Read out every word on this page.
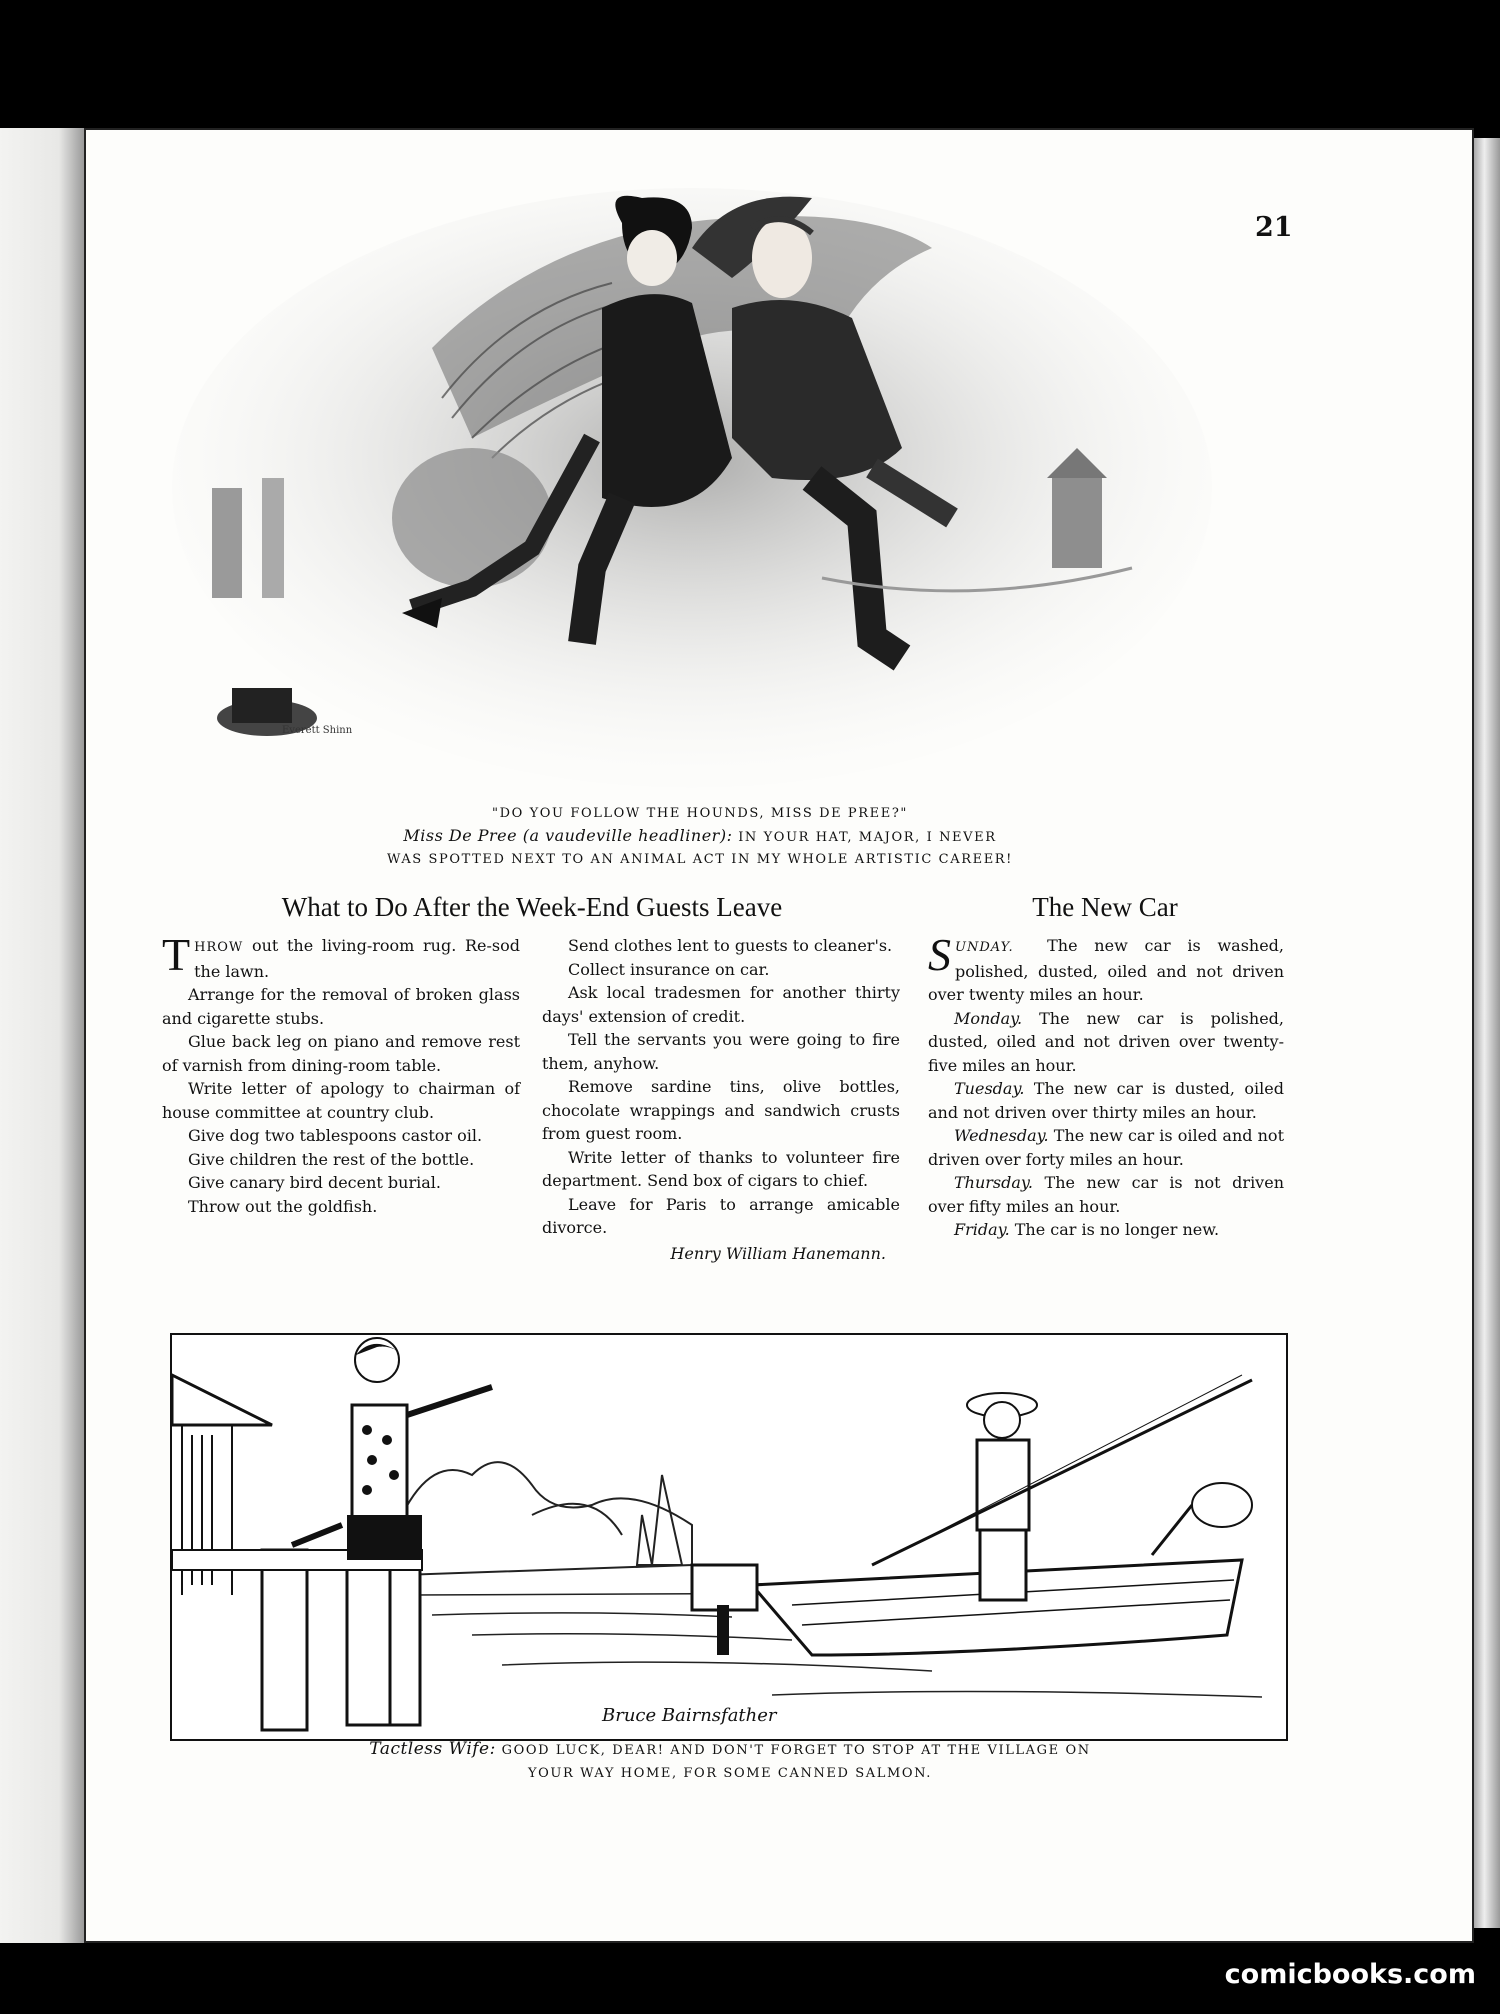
21
Everett Shinn
"DO YOU FOLLOW THE HOUNDS, MISS DE PREE?"
Miss De Pree (a vaudeville headliner): IN YOUR HAT, MAJOR, I NEVER
WAS SPOTTED NEXT TO AN ANIMAL ACT IN MY WHOLE ARTISTIC CAREER!
What to Do After the Week-End Guests Leave

THROW out the living-room rug. Re-sod the lawn.

Arrange for the removal of broken glass and cigarette stubs.

Glue back leg on piano and remove rest of varnish from dining-room table.

Write letter of apology to chairman of house committee at country club.

Give dog two tablespoons castor oil.

Give children the rest of the bottle.

Give canary bird decent burial.

Throw out the goldfish.

Send clothes lent to guests to cleaner's.

Collect insurance on car.

Ask local tradesmen for another thirty days' extension of credit.

Tell the servants you were going to fire them, anyhow.

Remove sardine tins, olive bottles, chocolate wrappings and sandwich crusts from guest room.

Write letter of thanks to volunteer fire department. Send box of cigars to chief.

Leave for Paris to arrange amicable divorce.

Henry William Hanemann.
The New Car

SUNDAY. The new car is washed, polished, dusted, oiled and not driven over twenty miles an hour.

Monday. The new car is polished, dusted, oiled and not driven over twenty-five miles an hour.

Tuesday. The new car is dusted, oiled and not driven over thirty miles an hour.

Wednesday. The new car is oiled and not driven over forty miles an hour.

Thursday. The new car is not driven over fifty miles an hour.

Friday. The car is no longer new.

Bruce Bairnsfather
Tactless Wife: GOOD LUCK, DEAR! AND DON'T FORGET TO STOP AT THE VILLAGE ON
YOUR WAY HOME, FOR SOME CANNED SALMON.
comicbooks.com
